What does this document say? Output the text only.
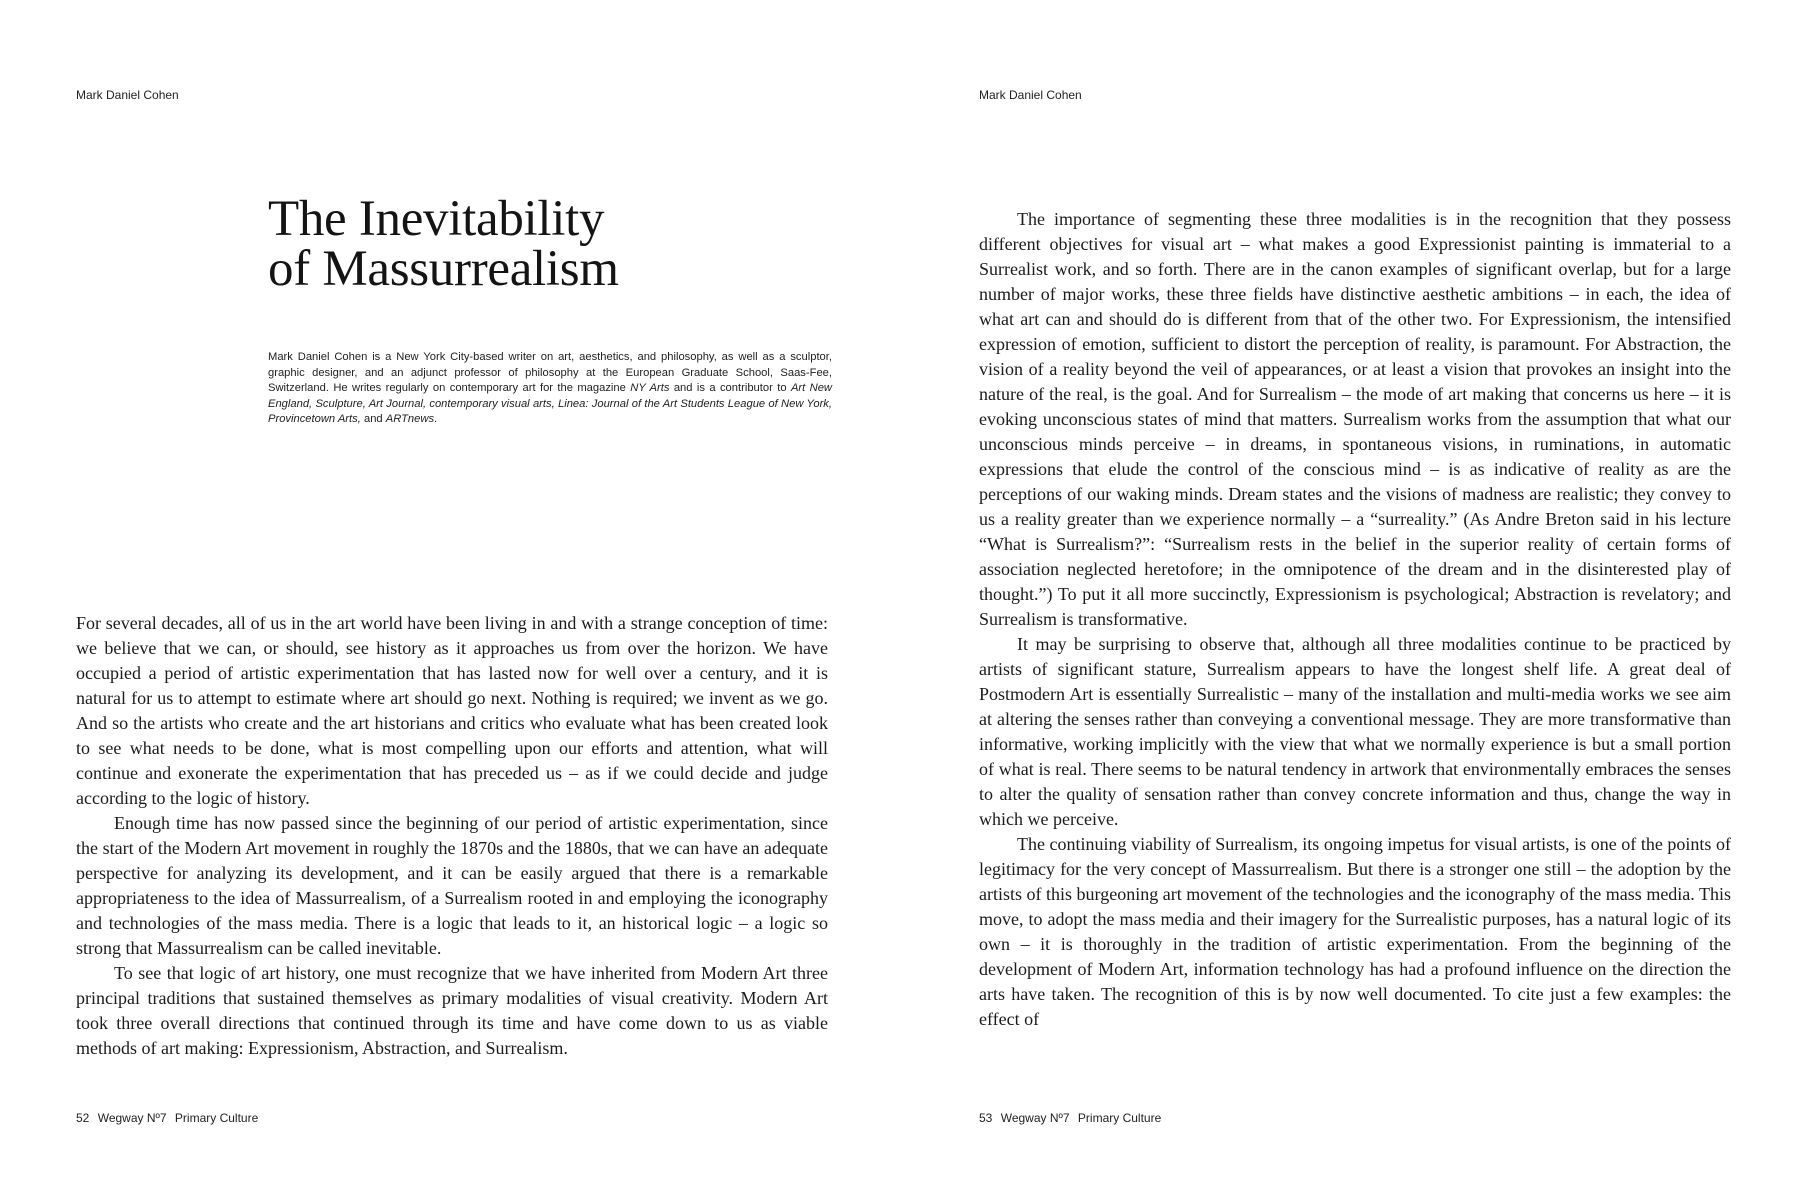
Mark Daniel Cohen
The Inevitability
of Massurrealism

Mark Daniel Cohen is a New York City-based writer on art, aesthetics, and philosophy, as well as a sculptor, graphic designer, and an adjunct professor of philosophy at the European Graduate School, Saas-Fee, Switzerland. He writes regularly on contemporary art for the magazine NY Arts and is a contributor to Art New England, Sculpture, Art Journal, contemporary visual arts, Linea: Journal of the Art Students League of New York, Provincetown Arts, and ARTnews.

For several decades, all of us in the art world have been living in and with a strange conception of time: we believe that we can, or should, see history as it approaches us from over the horizon. We have occupied a period of artistic experimentation that has lasted now for well over a century, and it is natural for us to attempt to estimate where art should go next. Nothing is required; we invent as we go. And so the artists who create and the art historians and critics who evaluate what has been created look to see what needs to be done, what is most compelling upon our efforts and attention, what will continue and exonerate the experimentation that has preceded us – as if we could decide and judge according to the logic of history.

Enough time has now passed since the beginning of our period of artistic experimentation, since the start of the Modern Art movement in roughly the 1870s and the 1880s, that we can have an adequate perspective for analyzing its development, and it can be easily argued that there is a remarkable appropriateness to the idea of Massurrealism, of a Surrealism rooted in and employing the iconography and technologies of the mass media. There is a logic that leads to it, an historical logic – a logic so strong that Massurrealism can be called inevitable.

To see that logic of art history, one must recognize that we have inherited from Modern Art three principal traditions that sustained themselves as primary modalities of visual creativity. Modern Art took three overall directions that continued through its time and have come down to us as viable methods of art making: Expressionism, Abstraction, and Surrealism.

52 Wegway Nº7 Primary Culture
Mark Daniel Cohen

The importance of segmenting these three modalities is in the recognition that they possess different objectives for visual art – what makes a good Expressionist painting is immaterial to a Surrealist work, and so forth. There are in the canon examples of significant overlap, but for a large number of major works, these three fields have distinctive aesthetic ambitions – in each, the idea of what art can and should do is different from that of the other two. For Expressionism, the intensified expression of emotion, sufficient to distort the perception of reality, is paramount. For Abstraction, the vision of a reality beyond the veil of appearances, or at least a vision that provokes an insight into the nature of the real, is the goal. And for Surrealism – the mode of art making that concerns us here – it is evoking unconscious states of mind that matters. Surrealism works from the assumption that what our unconscious minds perceive – in dreams, in spontaneous visions, in ruminations, in automatic expressions that elude the control of the conscious mind – is as indicative of reality as are the perceptions of our waking minds. Dream states and the visions of madness are realistic; they convey to us a reality greater than we experience normally – a “surreality.” (As Andre Breton said in his lecture “What is Surrealism?”: “Surrealism rests in the belief in the superior reality of certain forms of association neglected heretofore; in the omnipotence of the dream and in the disinterested play of thought.”) To put it all more succinctly, Expressionism is psychological; Abstraction is revelatory; and Surrealism is transformative.

It may be surprising to observe that, although all three modalities continue to be practiced by artists of significant stature, Surrealism appears to have the longest shelf life. A great deal of Postmodern Art is essentially Surrealistic – many of the installation and multi-media works we see aim at altering the senses rather than conveying a conventional message. They are more transformative than informative, working implicitly with the view that what we normally experience is but a small portion of what is real. There seems to be natural tendency in artwork that environmentally embraces the senses to alter the quality of sensation rather than convey concrete information and thus, change the way in which we perceive.

The continuing viability of Surrealism, its ongoing impetus for visual artists, is one of the points of legitimacy for the very concept of Massurrealism. But there is a stronger one still – the adoption by the artists of this burgeoning art movement of the technologies and the iconography of the mass media. This move, to adopt the mass media and their imagery for the Surrealistic purposes, has a natural logic of its own – it is thoroughly in the tradition of artistic experimentation. From the beginning of the development of Modern Art, information technology has had a profound influence on the direction the arts have taken. The recognition of this is by now well documented. To cite just a few examples: the effect of

53 Wegway Nº7 Primary Culture
